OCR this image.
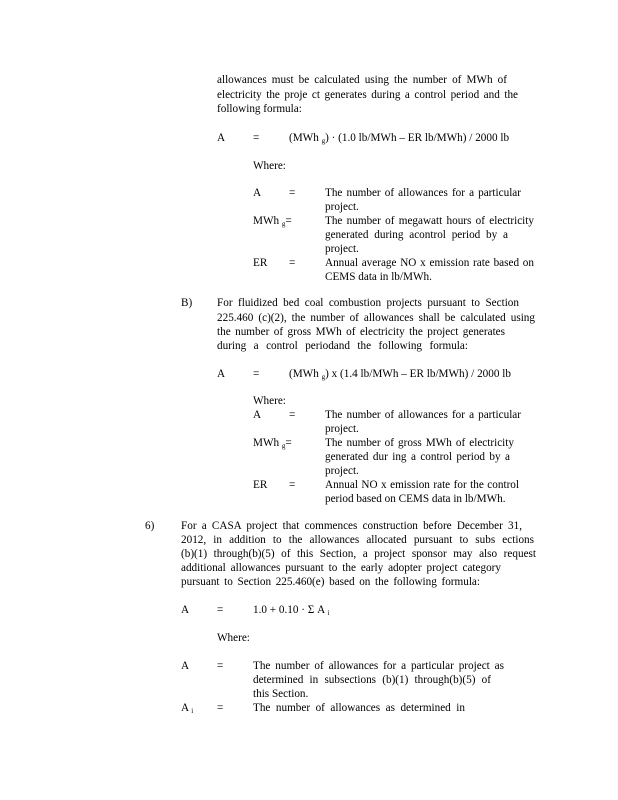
allowances must be calculated using the number of MWh of
electricity the proje ct generates during a control period and the
following formula:
A =	(MWh $_g$) · (1.0 lb/MWh – ER lb/MWh) / 2000 lb
Where:
A =	The number of allowances for a particular
project.
MWh $_g$=	The number of megawatt hours of electricity
generated during acontrol period by a
project.
ER =	Annual average NO x emission rate based on
CEMS data in lb/MWh.
B) For fluidized bed coal combustion projects pursuant to Section
225.460 (c)(2), the number of allowances shall be calculated using
the number of gross MWh of electricity the project generates
during a control periodand the following formula:
A =	(MWh $_g$) x (1.4 lb/MWh – ER lb/MWh) / 2000 lb
Where:
A =	The number of allowances for a particular
project.
MWh $_g$=	The number of gross MWh of electricity
generated dur ing a control period by a
project.
ER =	Annual NO x emission rate for the control
period based on CEMS data in lb/MWh.
6) For a CASA project that commences construction before December 31,
2012, in addition to the allowances allocated pursuant to subs ections
(b)(1) through(b)(5) of this Section, a project sponsor may also request
additional allowances pursuant to the early adopter project category
pursuant to Section 225.460(e) based on the following formula:
A =	1.0 + 0.10 · Σ A $_i$
Where:
A =	The number of allowances for a particular project as
determined in subsections (b)(1) through(b)(5) of
this Section.
A $_i$ =	The number of allowances as determined in
